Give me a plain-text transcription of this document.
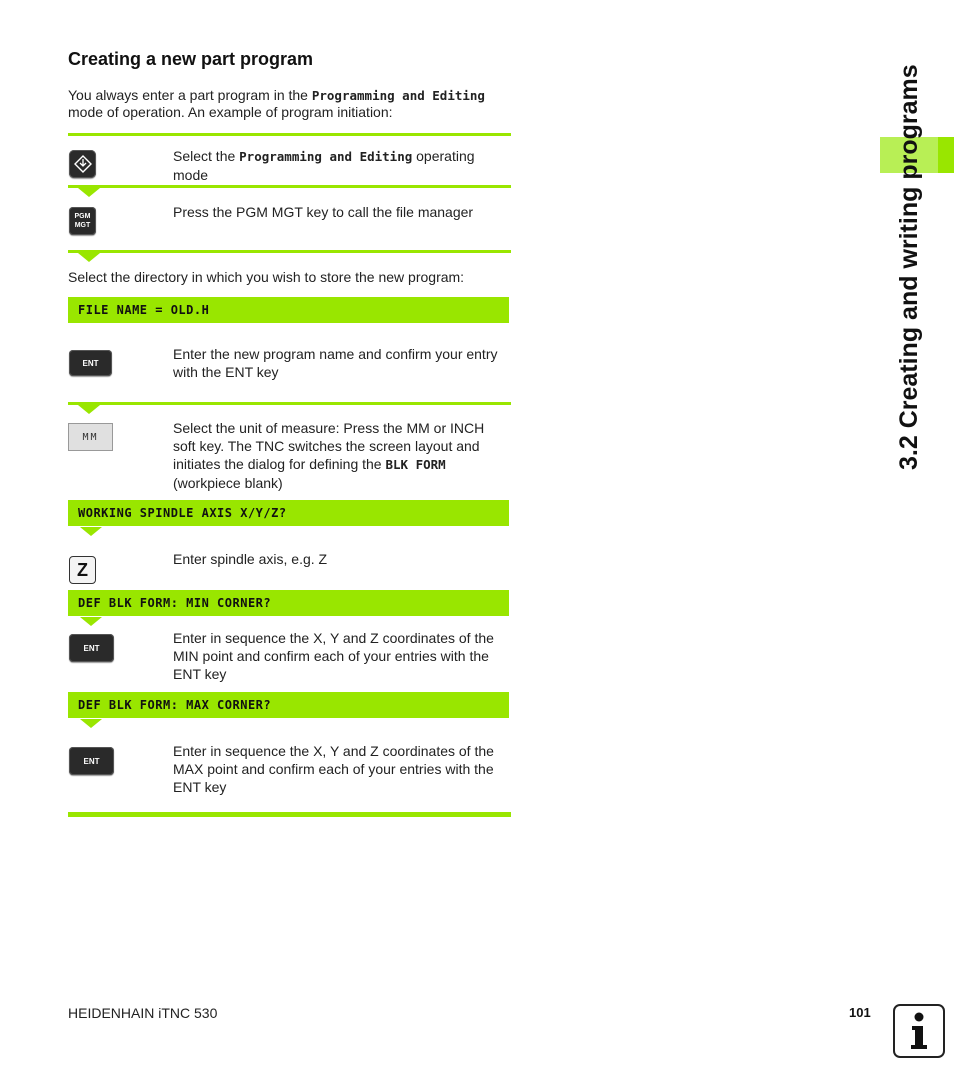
3.2 Creating and writing programs
Creating a new part program
You always enter a part program in the Programming and Editing
mode of operation. An example of program initiation:
Select the Programming and Editing operating mode
PGM
MGT
Press the PGM MGT key to call the file manager
Select the directory in which you wish to store the new program:
FILE NAME = OLD.H
ENT
Enter the new program name and confirm your entry
with the ENT key
MM
Select the unit of measure: Press the MM or INCH
soft key. The TNC switches the screen layout and
initiates the dialog for defining the BLK FORM
(workpiece blank)
WORKING SPINDLE AXIS X/Y/Z?
Z
Enter spindle axis, e.g. Z
DEF BLK FORM: MIN CORNER?
ENT
Enter in sequence the X, Y and Z coordinates of the
MIN point and confirm each of your entries with the
ENT key
DEF BLK FORM: MAX CORNER?
ENT
Enter in sequence the X, Y and Z coordinates of the
MAX point and confirm each of your entries with the
ENT key
HEIDENHAIN iTNC 530	101
